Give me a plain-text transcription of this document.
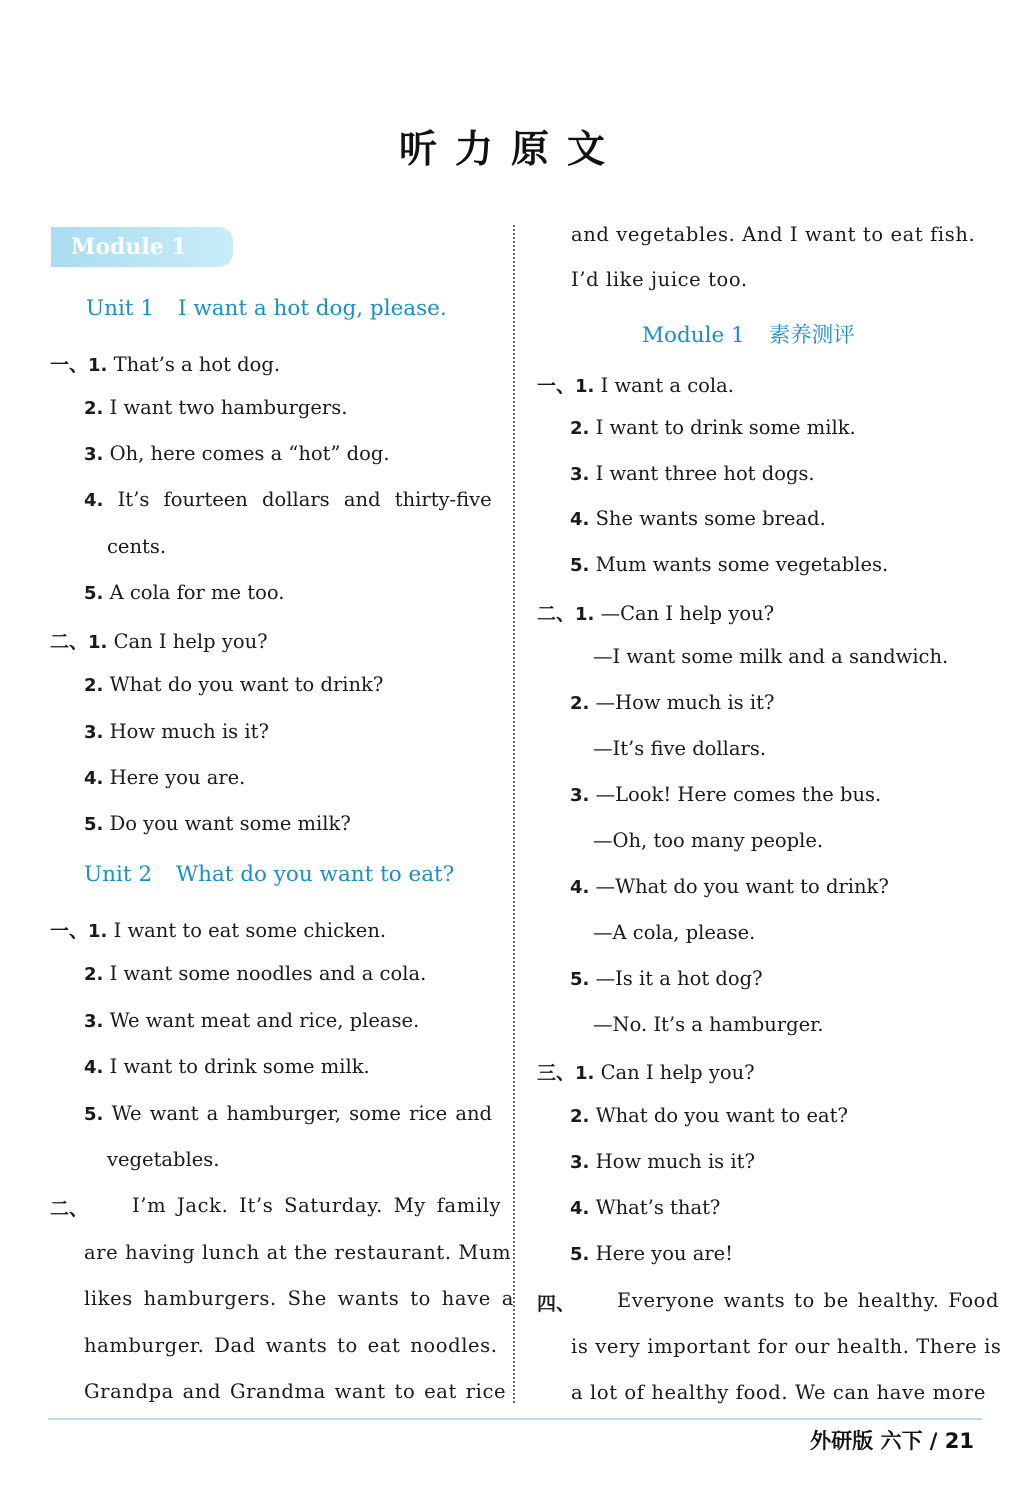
听力原文
Module 1
Unit 1 I want a hot dog, please.
一、1. That’s a hot dog.
2. I want two hamburgers.
3. Oh, here comes a “hot” dog.
4. It’s fourteen dollars and thirty-five
cents.
5. A cola for me too.
二、1. Can I help you?
2. What do you want to drink?
3. How much is it?
4. Here you are.
5. Do you want some milk?
Unit 2 What do you want to eat?
一、1. I want to eat some chicken.
2. I want some noodles and a cola.
3. We want meat and rice, please.
4. I want to drink some milk.
5. We want a hamburger, some rice and
vegetables.
二、 I’m Jack. It’s Saturday. My family
are having lunch at the restaurant. Mum
likes hamburgers. She wants to have a
hamburger. Dad wants to eat noodles.
Grandpa and Grandma want to eat rice
and vegetables. And I want to eat fish.
I’d like juice too.
Module 1 素养测评
一、1. I want a cola.
2. I want to drink some milk.
3. I want three hot dogs.
4. She wants some bread.
5. Mum wants some vegetables.
二、1. —Can I help you?
—I want some milk and a sandwich.
2. —How much is it?
—It’s five dollars.
3. —Look! Here comes the bus.
—Oh, too many people.
4. —What do you want to drink?
—A cola, please.
5. —Is it a hot dog?
—No. It’s a hamburger.
三、1. Can I help you?
2. What do you want to eat?
3. How much is it?
4. What’s that?
5. Here you are!
四、 Everyone wants to be healthy. Food
is very important for our health. There is
a lot of healthy food. We can have more
外研版 六下 / 21
